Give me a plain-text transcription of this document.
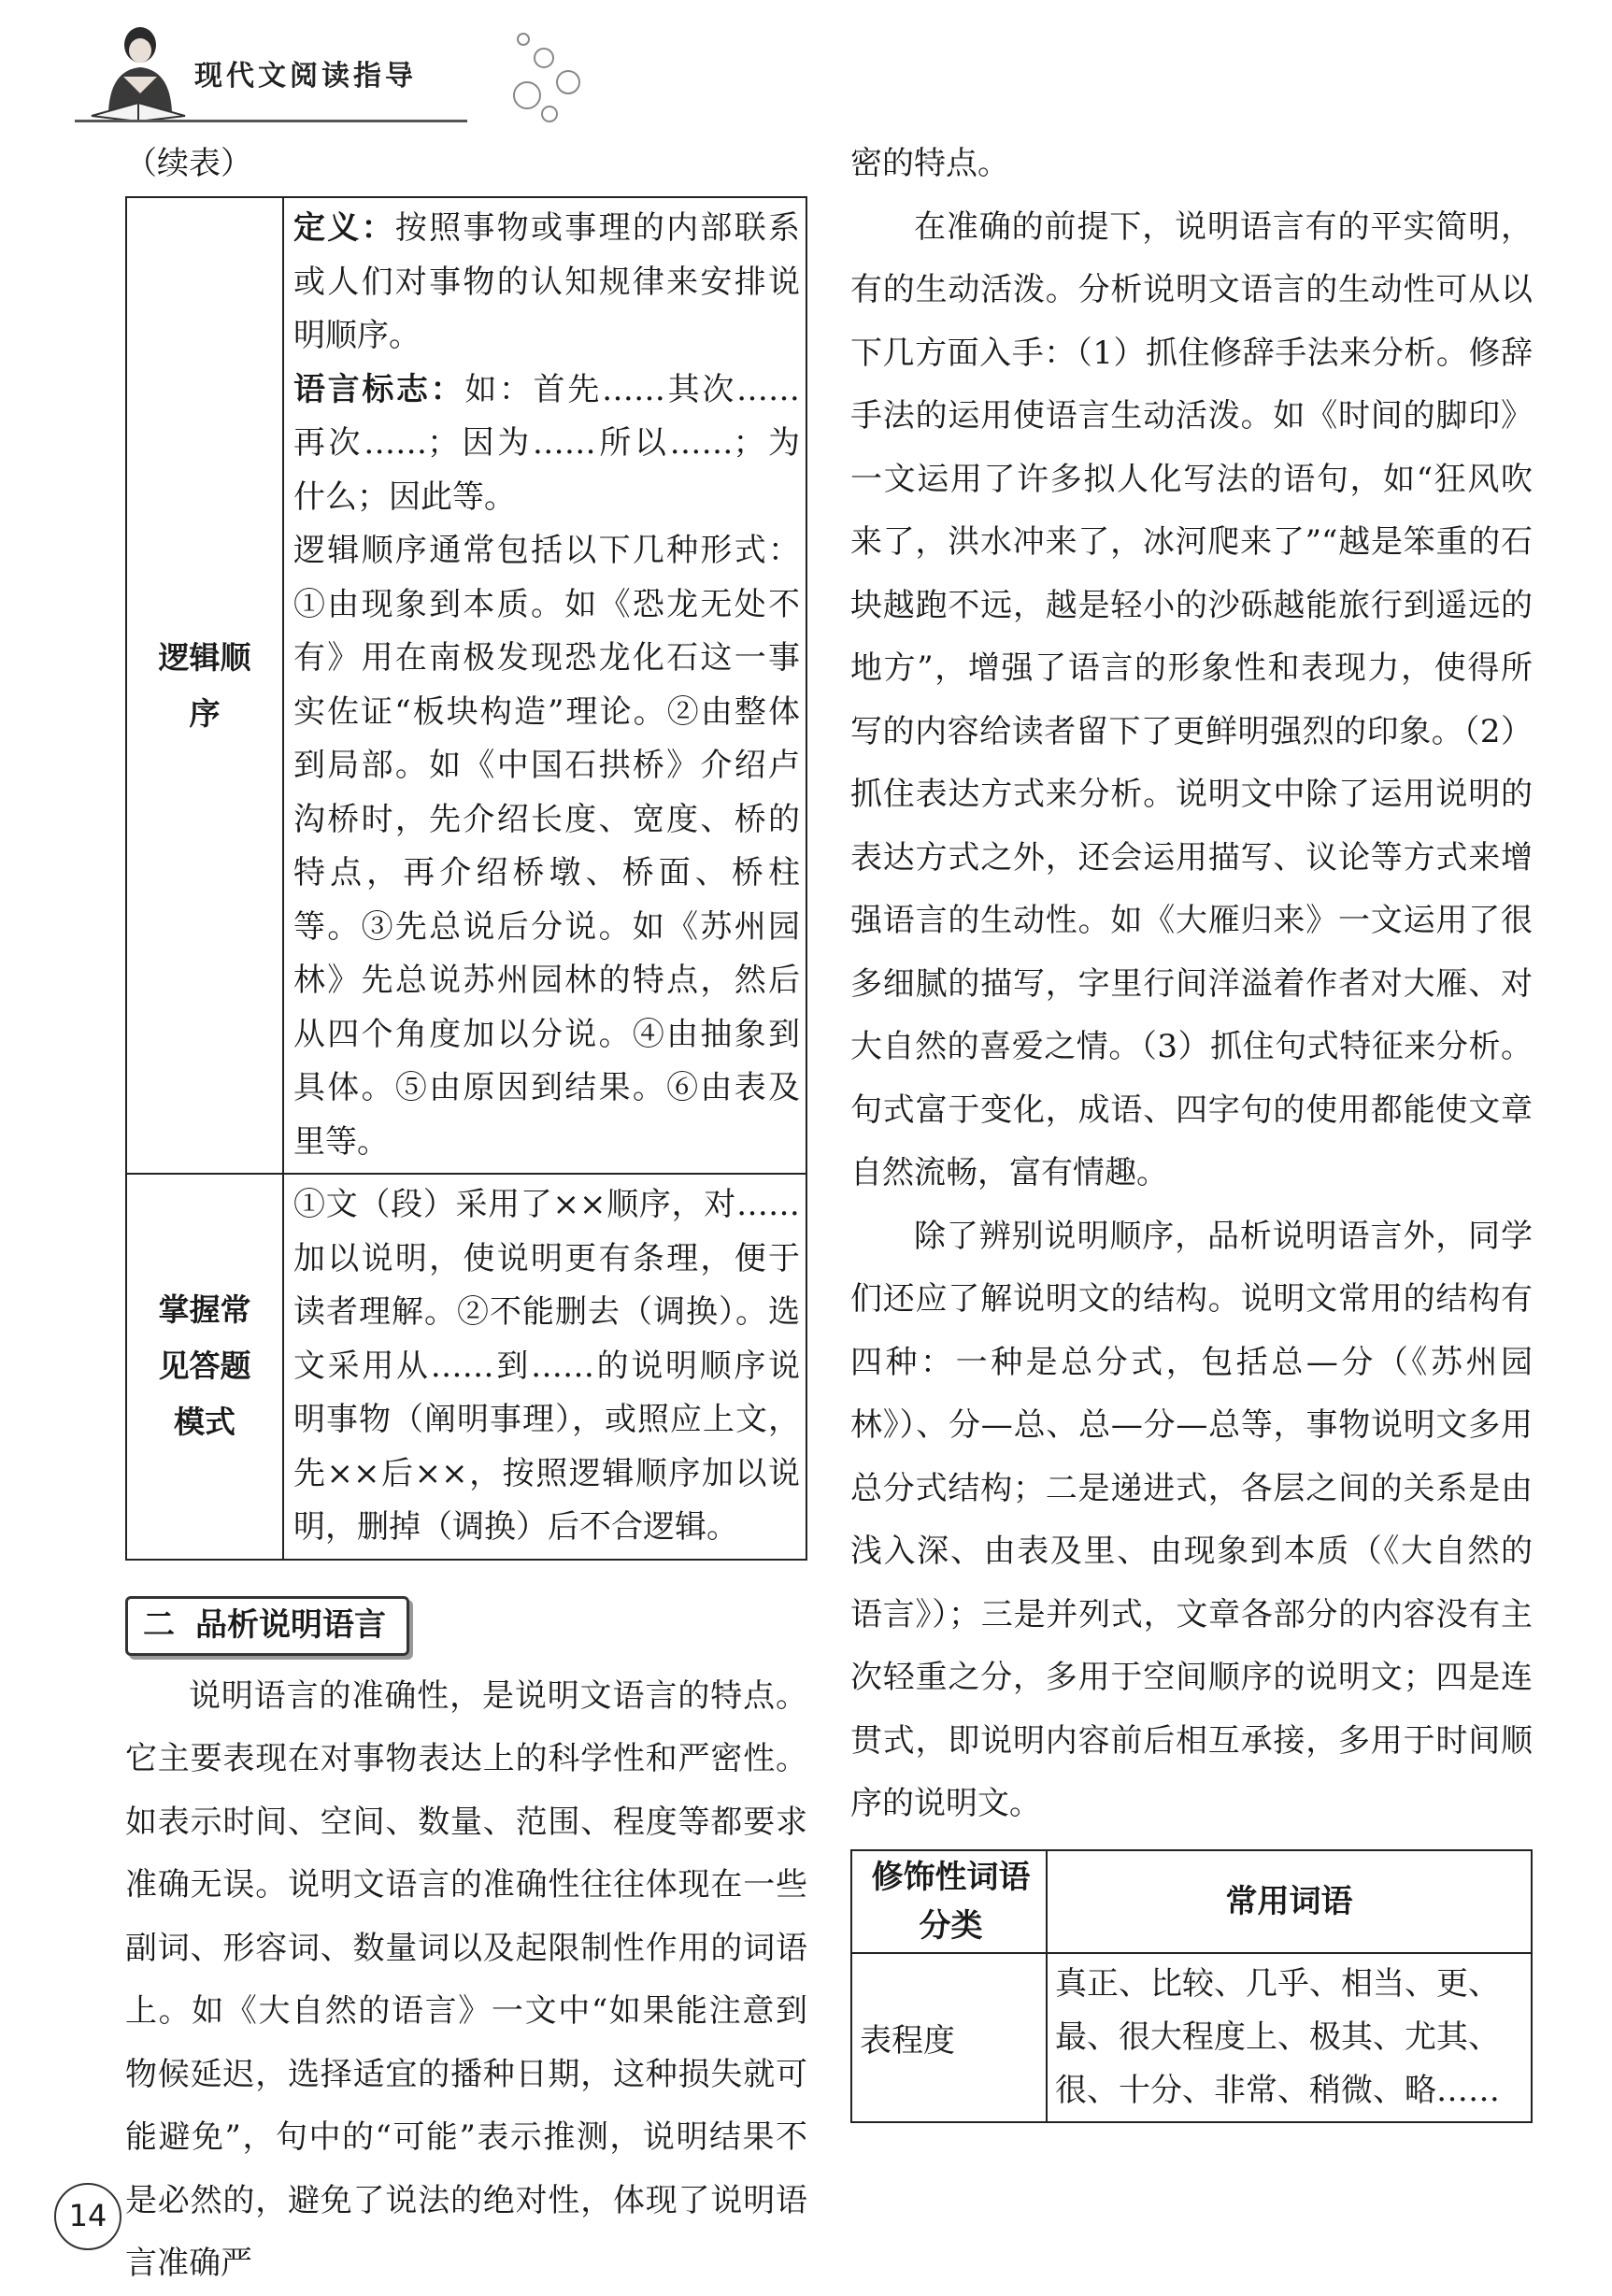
现代文阅读指导

（续表）

逻辑顺序	定义：按照事物或事理的内部联系或人们对事物的认知规律来安排说明顺序。

语言标志：如：首先……其次……再次……；因为……所以……；为什么；因此等。

逻辑顺序通常包括以下几种形式：①由现象到本质。如《恐龙无处不有》用在南极发现恐龙化石这一事实佐证“板块构造”理论。②由整体到局部。如《中国石拱桥》介绍卢沟桥时，先介绍长度、宽度、桥的特点，再介绍桥墩、桥面、桥柱等。③先总说后分说。如《苏州园林》先总说苏州园林的特点，然后从四个角度加以分说。④由抽象到具体。⑤由原因到结果。⑥由表及里等。

掌握常见答题模式	①文（段）采用了××顺序，对……加以说明，使说明更有条理，便于读者理解。②不能删去（调换）。选文采用从……到……的说明顺序说明事物（阐明事理），或照应上文，先××后××，按照逻辑顺序加以说明，删掉（调换）后不合逻辑。

二 品析说明语言

说明语言的准确性，是说明文语言的特点。它主要表现在对事物表达上的科学性和严密性。如表示时间、空间、数量、范围、程度等都要求准确无误。说明文语言的准确性往往体现在一些副词、形容词、数量词以及起限制性作用的词语上。如《大自然的语言》一文中“如果能注意到物候延迟，选择适宜的播种日期，这种损失就可能避免”，句中的“可能”表示推测，说明结果不是必然的，避免了说法的绝对性，体现了说明语言准确严

密的特点。

在准确的前提下，说明语言有的平实简明，有的生动活泼。分析说明文语言的生动性可从以下几方面入手：（1）抓住修辞手法来分析。修辞手法的运用使语言生动活泼。如《时间的脚印》一文运用了许多拟人化写法的语句，如“狂风吹来了，洪水冲来了，冰河爬来了”“越是笨重的石块越跑不远，越是轻小的沙砾越能旅行到遥远的地方”，增强了语言的形象性和表现力，使得所写的内容给读者留下了更鲜明强烈的印象。（2）抓住表达方式来分析。说明文中除了运用说明的表达方式之外，还会运用描写、议论等方式来增强语言的生动性。如《大雁归来》一文运用了很多细腻的描写，字里行间洋溢着作者对大雁、对大自然的喜爱之情。（3）抓住句式特征来分析。句式富于变化，成语、四字句的使用都能使文章自然流畅，富有情趣。

除了辨别说明顺序，品析说明语言外，同学们还应了解说明文的结构。说明文常用的结构有四种：一种是总分式，包括总—分（《苏州园林》）、分—总、总—分—总等，事物说明文多用总分式结构；二是递进式，各层之间的关系是由浅入深、由表及里、由现象到本质（《大自然的语言》）；三是并列式，文章各部分的内容没有主次轻重之分，多用于空间顺序的说明文；四是连贯式，即说明内容前后相互承接，多用于时间顺序的说明文。

修饰性词语分类	常用词语
表程度	真正、比较、几乎、相当、更、最、很大程度上、极其、尤其、很、十分、非常、稍微、略……
14
